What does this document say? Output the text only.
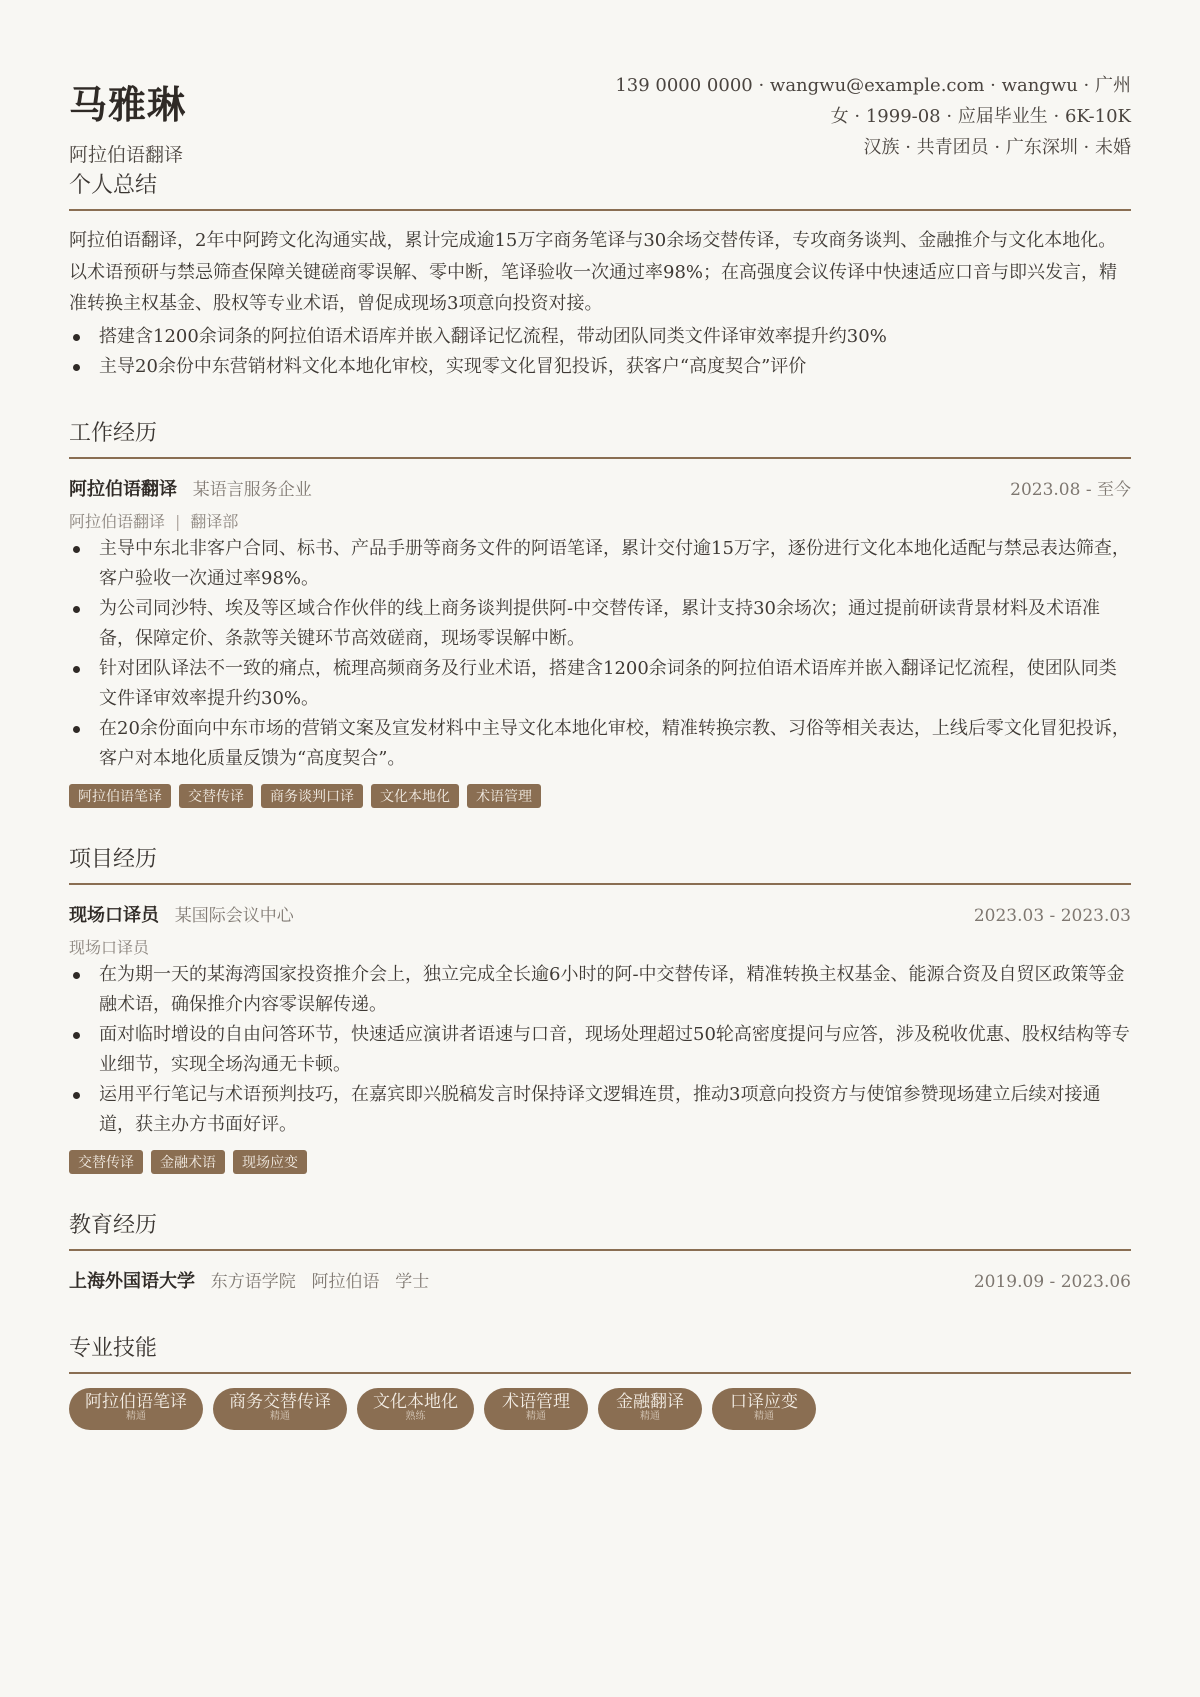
马雅琳
阿拉伯语翻译
139 0000 0000 · wangwu@example.com · wangwu · 广州
女 · 1999-08 · 应届毕业生 · 6K-10K
汉族 · 共青团员 · 广东深圳 · 未婚
个人总结
阿拉伯语翻译，2年中阿跨文化沟通实战，累计完成逾15万字商务笔译与30余场交替传译，专攻商务谈判、金融推介与文化本地化。以术语预研与禁忌筛查保障关键磋商零误解、零中断，笔译验收一次通过率98%；在高强度会议传译中快速适应口音与即兴发言，精准转换主权基金、股权等专业术语，曾促成现场3项意向投资对接。
搭建含1200余词条的阿拉伯语术语库并嵌入翻译记忆流程，带动团队同类文件译审效率提升约30%
主导20余份中东营销材料文化本地化审校，实现零文化冒犯投诉，获客户“高度契合”评价
工作经历
阿拉伯语翻译 某语言服务企业	2023.08 - 至今
阿拉伯语翻译 | 翻译部
主导中东北非客户合同、标书、产品手册等商务文件的阿语笔译，累计交付逾15万字，逐份进行文化本地化适配与禁忌表达筛查，客户验收一次通过率98%。
为公司同沙特、埃及等区域合作伙伴的线上商务谈判提供阿-中交替传译，累计支持30余场次；通过提前研读背景材料及术语准备，保障定价、条款等关键环节高效磋商，现场零误解中断。
针对团队译法不一致的痛点，梳理高频商务及行业术语，搭建含1200余词条的阿拉伯语术语库并嵌入翻译记忆流程，使团队同类文件译审效率提升约30%。
在20余份面向中东市场的营销文案及宣发材料中主导文化本地化审校，精准转换宗教、习俗等相关表达，上线后零文化冒犯投诉，客户对本地化质量反馈为“高度契合”。
阿拉伯语笔译	交替传译	商务谈判口译	文化本地化	术语管理
项目经历
现场口译员 某国际会议中心	2023.03 - 2023.03
现场口译员
在为期一天的某海湾国家投资推介会上，独立完成全长逾6小时的阿-中交替传译，精准转换主权基金、能源合资及自贸区政策等金融术语，确保推介内容零误解传递。
面对临时增设的自由问答环节，快速适应演讲者语速与口音，现场处理超过50轮高密度提问与应答，涉及税收优惠、股权结构等专业细节，实现全场沟通无卡顿。
运用平行笔记与术语预判技巧，在嘉宾即兴脱稿发言时保持译文逻辑连贯，推动3项意向投资方与使馆参赞现场建立后续对接通道，获主办方书面好评。
交替传译	金融术语	现场应变
教育经历
上海外国语大学 东方语学院 阿拉伯语 学士	2019.09 - 2023.06
专业技能
阿拉伯语笔译
精通
商务交替传译
精通
文化本地化
熟练
术语管理
精通
金融翻译
精通
口译应变
精通
